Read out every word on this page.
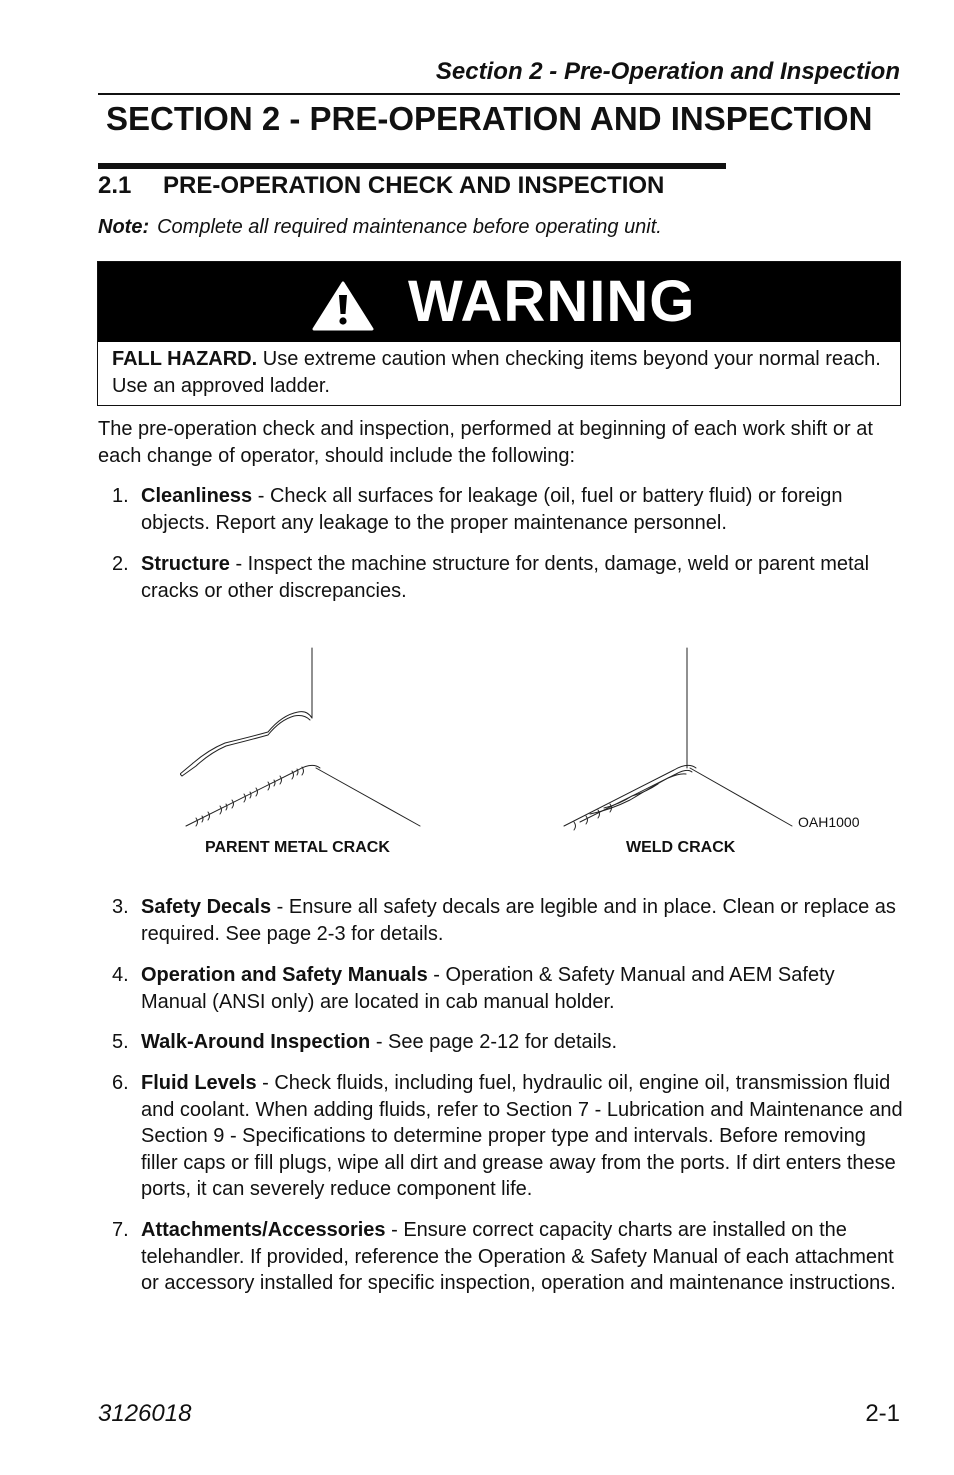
Section 2 - Pre-Operation and Inspection
SECTION 2 - PRE-OPERATION AND INSPECTION
2.1 PRE-OPERATION CHECK AND INSPECTION
Note: Complete all required maintenance before operating unit.
WARNING
FALL HAZARD. Use extreme caution when checking items beyond your normal reach. Use an approved ladder.
The pre-operation check and inspection, performed at beginning of each work shift or at each change of operator, should include the following:
1. Cleanliness - Check all surfaces for leakage (oil, fuel or battery fluid) or foreign objects. Report any leakage to the proper maintenance personnel.
2. Structure - Inspect the machine structure for dents, damage, weld or parent metal cracks or other discrepancies.
PARENT METAL CRACK	WELD CRACK
OAH1000
3. Safety Decals - Ensure all safety decals are legible and in place. Clean or replace as required. See page 2-3 for details.
4. Operation and Safety Manuals - Operation & Safety Manual and AEM Safety Manual (ANSI only) are located in cab manual holder.
5. Walk-Around Inspection - See page 2-12 for details.
6. Fluid Levels - Check fluids, including fuel, hydraulic oil, engine oil, transmission fluid and coolant. When adding fluids, refer to Section 7 - Lubrication and Maintenance and Section 9 - Specifications to determine proper type and intervals. Before removing filler caps or fill plugs, wipe all dirt and grease away from the ports. If dirt enters these ports, it can severely reduce component life.
7. Attachments/Accessories - Ensure correct capacity charts are installed on the telehandler. If provided, reference the Operation & Safety Manual of each attachment or accessory installed for specific inspection, operation and maintenance instructions.
3126018	2-1
